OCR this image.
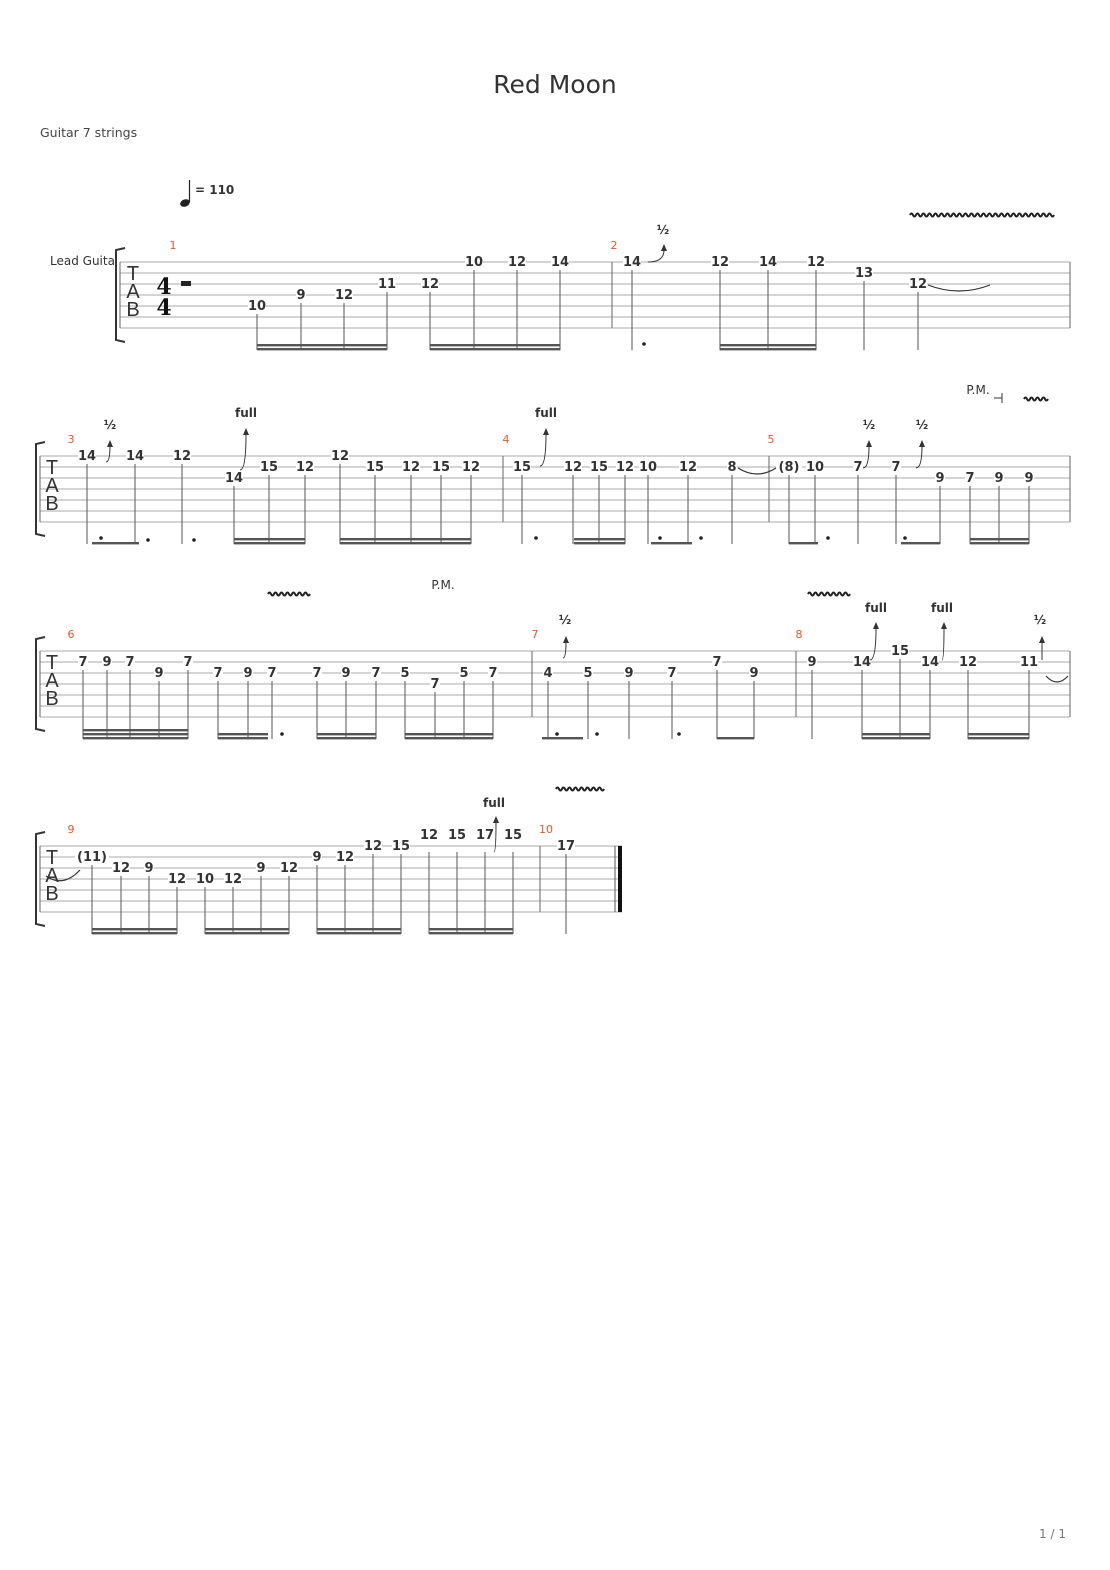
Red Moon
Guitar 7 strings
1 / 1
= 110
Lead Guita
T
A
B
T
A
B
T
A
B
T
A
B
4
4
1	2
3	4	5
6	7	8
9	10
10
9 12
11 12
10 12 14	14	12 14 12
13
12
14 14 12
14
15 12
12
15 12 15 12	15	12 15 12 10 12 8	(8) 10 7 7
9 7 9 9
7 9 7
9
7
7 9 7	7 9 7 5
7
5 7	4 5 9	7
7
9
9	14
15
14 12	11
(11)
12 9
12 10 12
9 12
9 12
12 15
12 15 17 15
17
½
½
full	full
½	½
½
full	full
½
full
P.M.
P.M.
